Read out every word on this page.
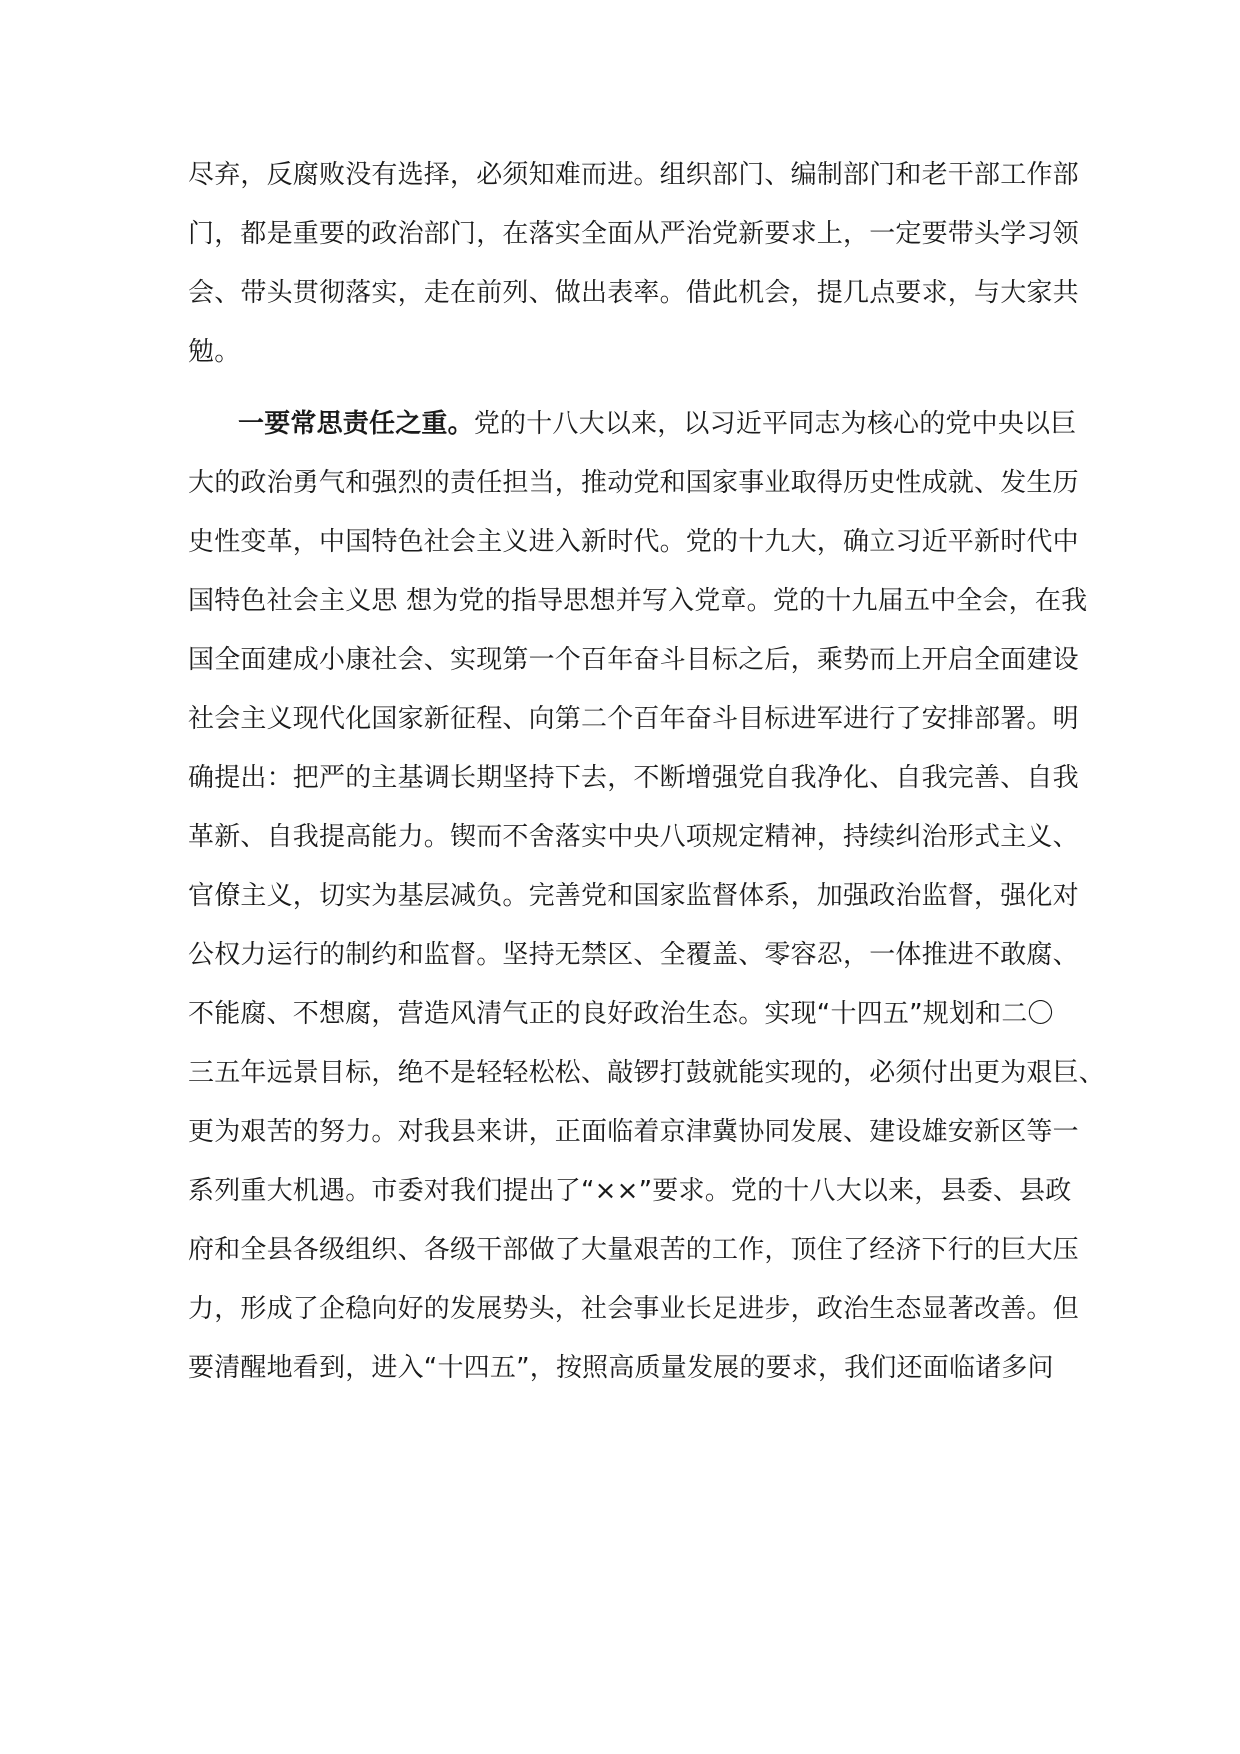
尽弃，反腐败没有选择，必须知难而进。组织部门、编制部门和老干部工作部
门，都是重要的政治部门，在落实全面从严治党新要求上，一定要带头学习领
会、带头贯彻落实，走在前列、做出表率。借此机会，提几点要求，与大家共
勉。
一要常思责任之重。党的十八大以来，以习近平同志为核心的党中央以巨
大的政治勇气和强烈的责任担当，推动党和国家事业取得历史性成就、发生历
史性变革，中国特色社会主义进入新时代。党的十九大，确立习近平新时代中
国特色社会主义思 想为党的指导思想并写入党章。党的十九届五中全会，在我
国全面建成小康社会、实现第一个百年奋斗目标之后，乘势而上开启全面建设
社会主义现代化国家新征程、向第二个百年奋斗目标进军进行了安排部署。明
确提出：把严的主基调长期坚持下去，不断增强党自我净化、自我完善、自我
革新、自我提高能力。锲而不舍落实中央八项规定精神，持续纠治形式主义、
官僚主义，切实为基层减负。完善党和国家监督体系，加强政治监督，强化对
公权力运行的制约和监督。坚持无禁区、全覆盖、零容忍，一体推进不敢腐、
不能腐、不想腐，营造风清气正的良好政治生态。实现“十四五”规划和二〇
三五年远景目标，绝不是轻轻松松、敲锣打鼓就能实现的，必须付出更为艰巨、
更为艰苦的努力。对我县来讲，正面临着京津冀协同发展、建设雄安新区等一
系列重大机遇。市委对我们提出了“××”要求。党的十八大以来，县委、县政
府和全县各级组织、各级干部做了大量艰苦的工作，顶住了经济下行的巨大压
力，形成了企稳向好的发展势头，社会事业长足进步，政治生态显著改善。但
要清醒地看到，进入“十四五”，按照高质量发展的要求，我们还面临诸多问
